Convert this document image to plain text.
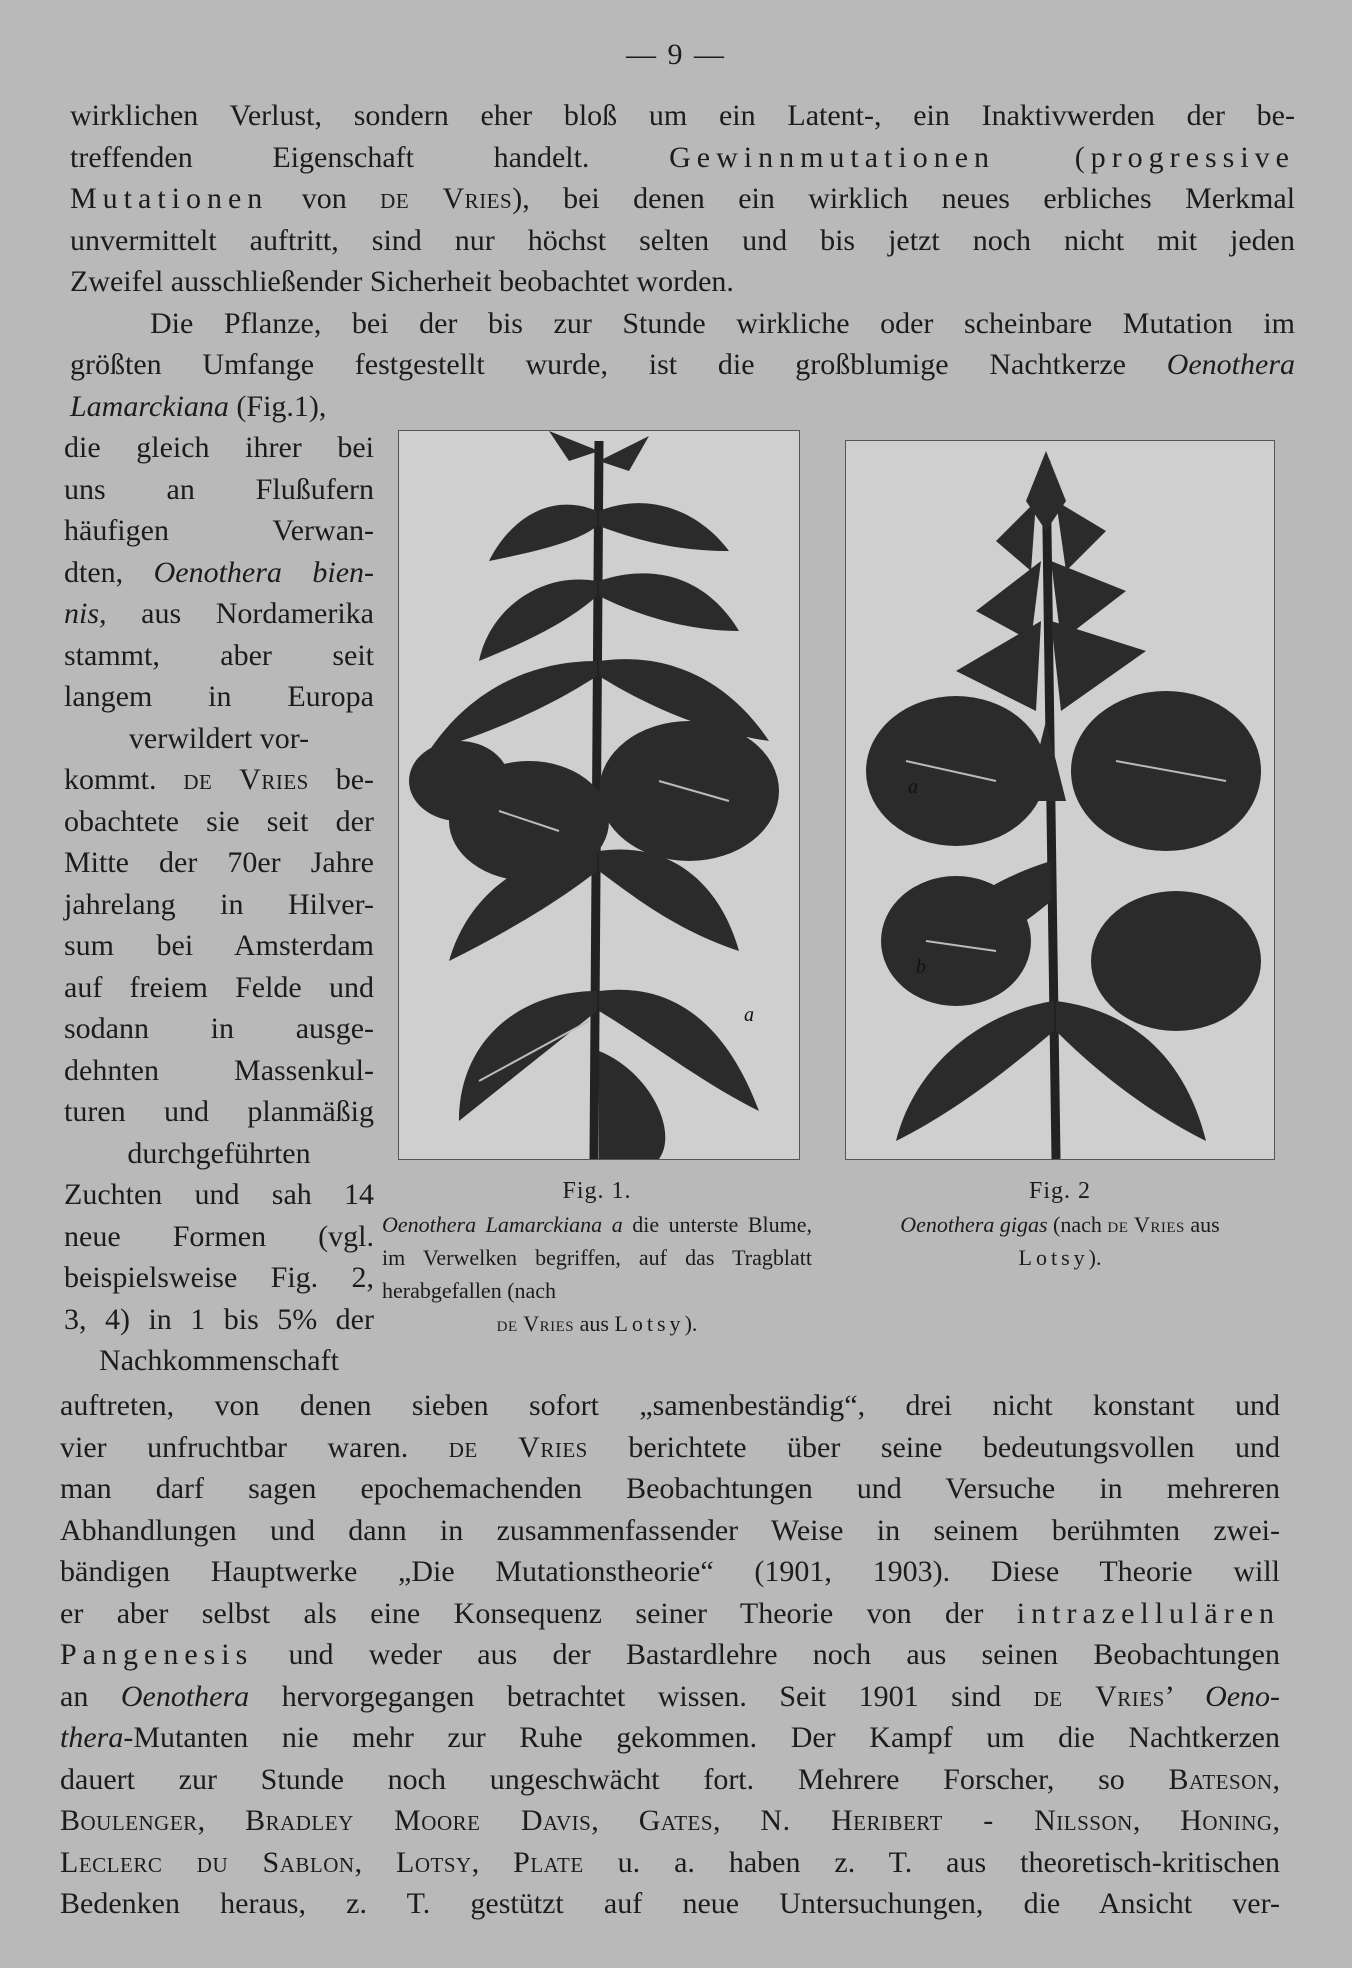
— 9 —
wirklichen Verlust, sondern eher bloß um ein Latent-, ein Inaktivwerden der be-
treffenden Eigenschaft handelt.	Gewinnmutationen	(progressive
Mutationen von de Vries), bei denen ein wirklich neues erbliches Merkmal
unvermittelt auftritt, sind nur höchst selten und bis jetzt noch nicht mit jeden
Zweifel ausschließender Sicherheit beobachtet worden.
Die Pflanze, bei der bis zur Stunde wirkliche oder scheinbare Mutation im
größten Umfange festgestellt wurde, ist die großblumige Nachtkerze Oenothera
Lamarckiana (Fig.1),
die gleich ihrer bei
uns an Flußufern
häufigen Verwan-
dten, Oenothera bien-
nis, aus Nordamerika
stammt, aber seit
langem in Europa
verwildert vor-
kommt. de Vries be-
obachtete sie seit der
Mitte der 70er Jahre
jahrelang in Hilver-
sum bei Amsterdam
auf freiem Felde und
sodann in ausge-
dehnten Massenkul-
turen und planmäßig
durchgeführten
Zuchten und sah 14
neue Formen (vgl.
beispielsweise Fig. 2,
3, 4) in 1 bis 5% der
Nachkommenschaft
a
a
b
Fig. 1.
Oenothera Lamarckiana a die unterste Blume, im Verwelken begriffen, auf das Tragblatt herabgefallen (nach
de Vries aus Lotsy).
Fig. 2
Oenothera gigas (nach de Vries aus
Lotsy).
auftreten, von denen sieben sofort „samenbeständig“, drei nicht konstant und
vier unfruchtbar waren. de Vries berichtete über seine bedeutungsvollen und
man darf sagen epochemachenden Beobachtungen und Versuche in mehreren
Abhandlungen und dann in zusammenfassender Weise in seinem berühmten zwei-
bändigen Hauptwerke „Die Mutationstheorie“ (1901, 1903). Diese Theorie will
er aber selbst als eine Konsequenz seiner Theorie von der intrazellulären
Pangenesis und weder aus der Bastardlehre noch aus seinen Beobachtungen
an Oenothera hervorgegangen betrachtet wissen. Seit 1901 sind de Vries’ Oeno-
thera-Mutanten nie mehr zur Ruhe gekommen. Der Kampf um die Nachtkerzen
dauert zur Stunde noch ungeschwächt fort. Mehrere Forscher, so Bateson,
Boulenger, Bradley Moore Davis, Gates, N. Heribert - Nilsson, Honing,
Leclerc du Sablon, Lotsy, Plate u. a. haben z. T. aus theoretisch-kritischen
Bedenken heraus, z. T. gestützt auf neue Untersuchungen, die Ansicht ver-
